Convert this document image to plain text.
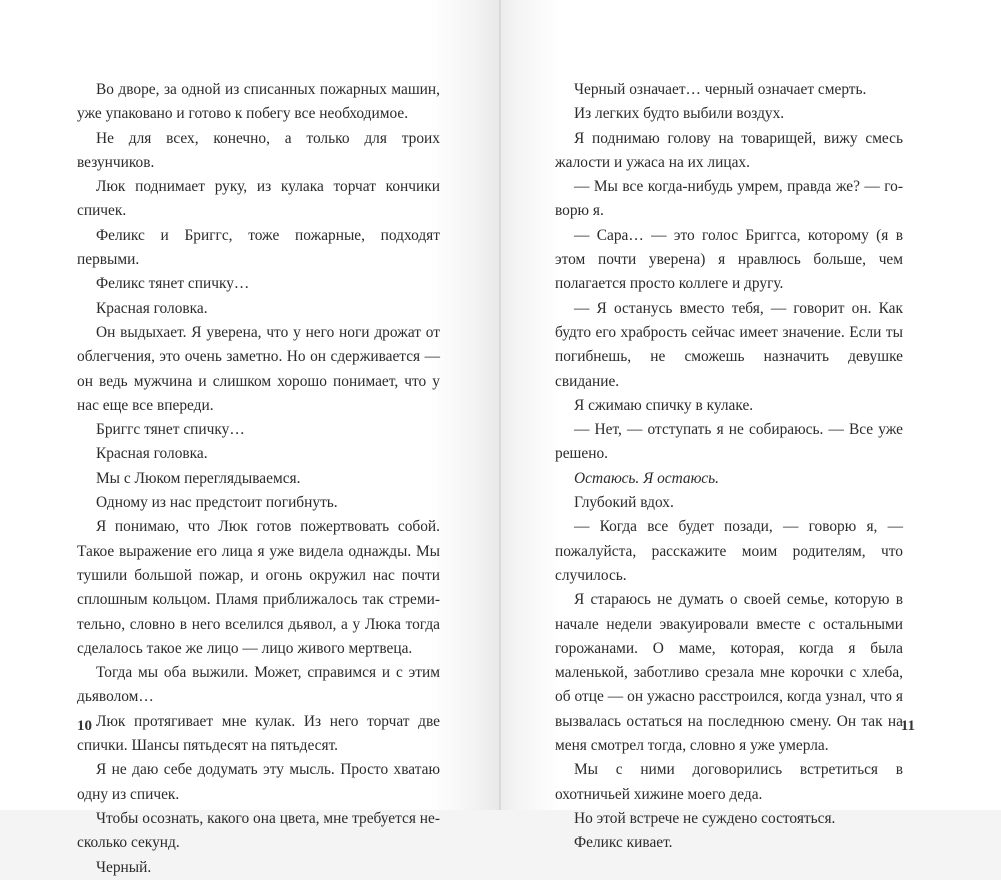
Во дворе, за одной из списанных пожарных машин, уже упаковано и готово к побегу все необходимое.

Не для всех, конечно, а только для троих везунчиков.

Люк поднимает руку, из кулака торчат кончики спичек.

Феликс и Бриггс, тоже пожарные, подходят первыми.

Феликс тянет спичку…

Красная головка.

Он выдыхает. Я уверена, что у него ноги дрожат от облегчения, это очень заметно. Но он сдерживается — он ведь мужчина и слишком хорошо понимает, что у нас еще все впереди.

Бриггс тянет спичку…

Красная головка.

Мы с Люком переглядываемся.

Одному из нас предстоит погибнуть.

Я понимаю, что Люк готов пожертвовать собой. Такое выражение его лица я уже видела однажды. Мы тушили большой пожар, и огонь окружил нас почти сплошным кольцом. Пламя приближалось так стремительно, словно в него вселился дьявол, а у Люка тогда сделалось такое же лицо — лицо живого мертвеца.

Тогда мы оба выжили. Может, справимся и с этим дьяволом…

Люк протягивает мне кулак. Из него торчат две спички. Шансы пятьдесят на пятьдесят.

Я не даю себе додумать эту мысль. Просто хватаю одну из спичек.

Чтобы осознать, какого она цвета, мне требуется несколько секунд.

Черный.

10

Черный означает… черный означает смерть.

Из легких будто выбили воздух.

Я поднимаю голову на товарищей, вижу смесь жалости и ужаса на их лицах.

— Мы все когда-нибудь умрем, правда же? — говорю я.

— Сара… — это голос Бриггса, которому (я в этом почти уверена) я нравлюсь больше, чем полагается просто коллеге и другу.

— Я останусь вместо тебя, — говорит он. Как будто его храбрость сейчас имеет значение. Если ты погибнешь, не сможешь назначить девушке свидание.

Я сжимаю спичку в кулаке.

— Нет, — отступать я не собираюсь. — Все уже решено.

Остаюсь. Я остаюсь.

Глубокий вдох.

— Когда все будет позади, — говорю я, — пожалуйста, расскажите моим родителям, что случилось.

Я стараюсь не думать о своей семье, которую в начале недели эвакуировали вместе с остальными горожанами. О маме, которая, когда я была маленькой, заботливо срезала мне корочки с хлеба, об отце — он ужасно расстроился, когда узнал, что я вызвалась остаться на последнюю смену. Он так на меня смотрел тогда, словно я уже умерла.

Мы с ними договорились встретиться в охотничьей хижине моего деда.

Но этой встрече не суждено состояться.

Феликс кивает.

11
